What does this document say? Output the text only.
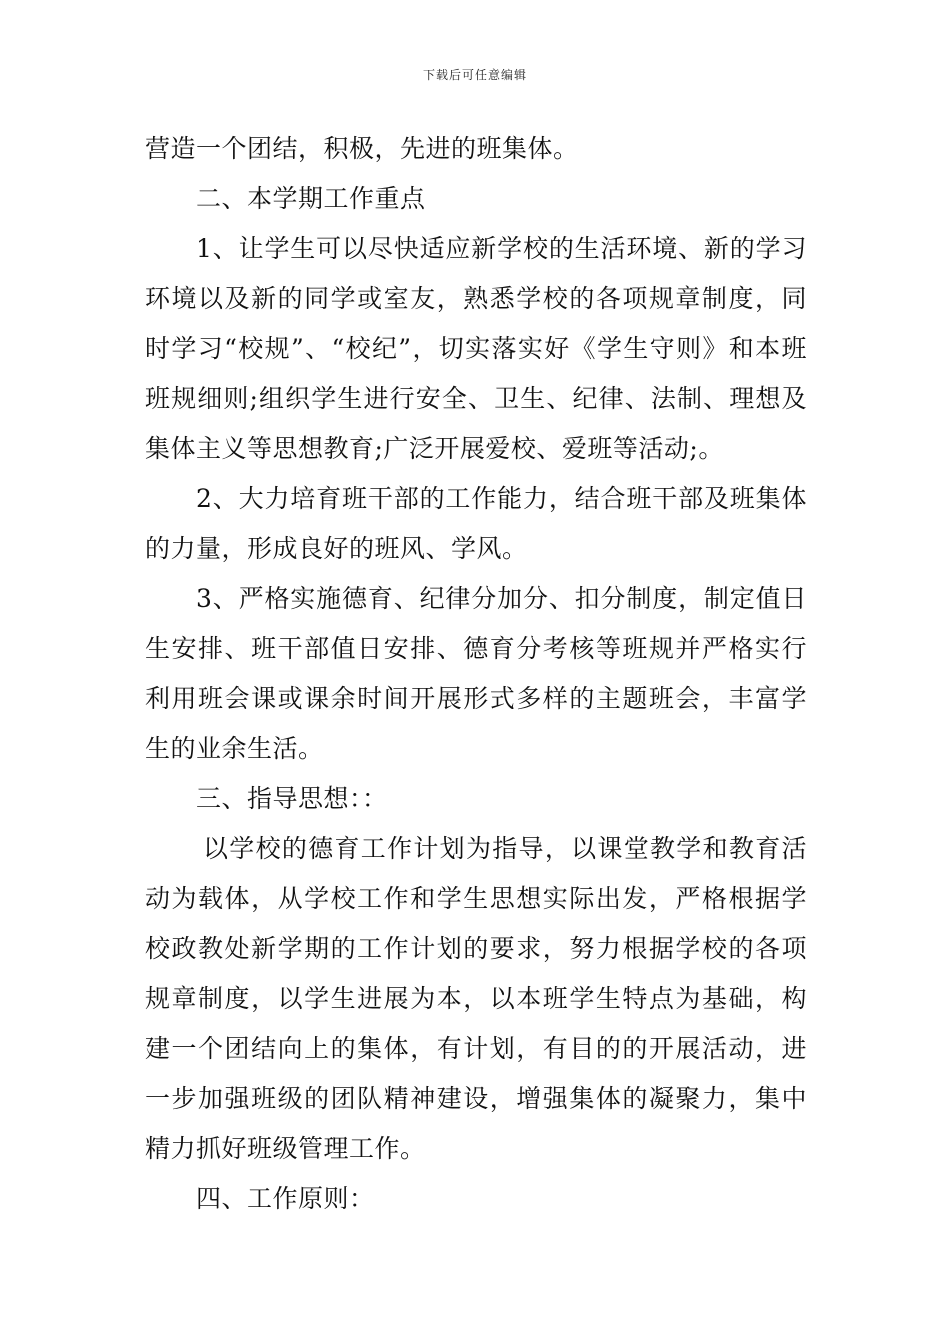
下载后可任意编辑

营造一个团结，积极，先进的班集体。

二、本学期工作重点

1、让学生可以尽快适应新学校的生活环境、新的学习环境以及新的同学或室友，熟悉学校的各项规章制度，同时学习“校规”、“校纪”，切实落实好《学生守则》和本班班规细则;组织学生进行安全、卫生、纪律、法制、理想及集体主义等思想教育;广泛开展爱校、爱班等活动;。

2、大力培育班干部的工作能力，结合班干部及班集体的力量，形成良好的班风、学风。

3、严格实施德育、纪律分加分、扣分制度，制定值日生安排、班干部值日安排、德育分考核等班规并严格实行利用班会课或课余时间开展形式多样的主题班会，丰富学生的业余生活。

三、指导思想：：

以学校的德育工作计划为指导，以课堂教学和教育活动为载体，从学校工作和学生思想实际出发，严格根据学校政教处新学期的工作计划的要求，努力根据学校的各项规章制度，以学生进展为本，以本班学生特点为基础，构建一个团结向上的集体，有计划，有目的的开展活动，进一步加强班级的团队精神建设，增强集体的凝聚力，集中精力抓好班级管理工作。

四、工作原则：
